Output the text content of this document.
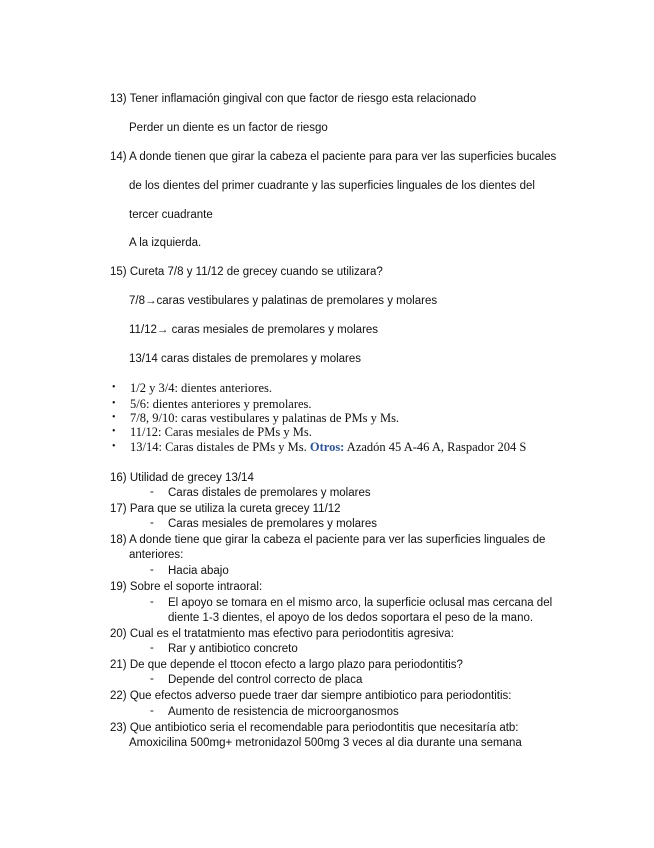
13) Tener inflamación gingival con que factor de riesgo esta relacionado
Perder un diente es un factor de riesgo
14) A donde tienen que girar la cabeza el paciente para para ver las superficies bucales
de los dientes del primer cuadrante y las superficies linguales de los dientes del
tercer cuadrante
A la izquierda.
15) Cureta 7/8 y 11/12 de grecey cuando se utilizara?
7/8→caras vestibulares y palatinas de premolares y molares
11/12→ caras mesiales de premolares y molares
13/14 caras distales de premolares y molares
• 1/2 y 3/4: dientes anteriores.
• 5/6: dientes anteriores y premolares.
• 7/8, 9/10: caras vestibulares y palatinas de PMs y Ms.
• 11/12: Caras mesiales de PMs y Ms.
• 13/14: Caras distales de PMs y Ms. Otros: Azadón 45 A-46 A, Raspador 204 S
16) Utilidad de grecey 13/14
- Caras distales de premolares y molares
17) Para que se utiliza la cureta grecey 11/12
- Caras mesiales de premolares y molares
18) A donde tiene que girar la cabeza el paciente para ver las superficies linguales de
anteriores:
- Hacia abajo
19) Sobre el soporte intraoral:
- El apoyo se tomara en el mismo arco, la superficie oclusal mas cercana del
diente 1-3 dientes, el apoyo de los dedos soportara el peso de la mano.
20) Cual es el tratatmiento mas efectivo para periodontitis agresiva:
- Rar y antibiotico concreto
21) De que depende el ttocon efecto a largo plazo para periodontitis?
- Depende del control correcto de placa
22) Que efectos adverso puede traer dar siempre antibiotico para periodontitis:
- Aumento de resistencia de microorganosmos
23) Que antibiotico seria el recomendable para periodontitis que necesitaría atb:
Amoxicilina 500mg+ metronidazol 500mg 3 veces al dia durante una semana
